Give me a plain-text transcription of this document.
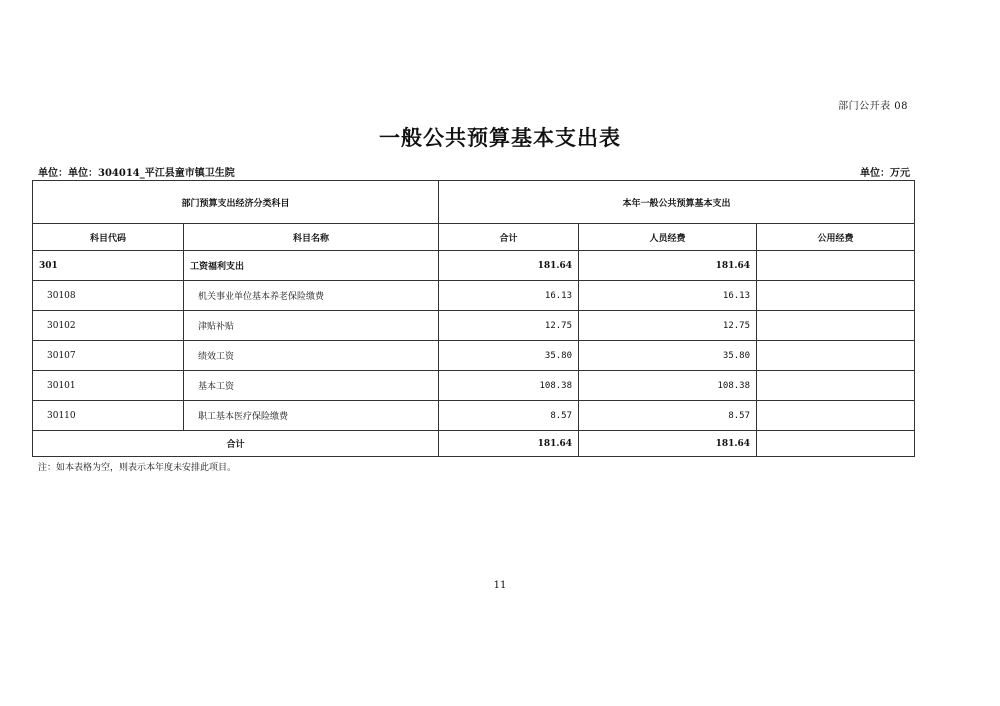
部门公开表 08
一般公共预算基本支出表
单位：单位：304014_平江县童市镇卫生院	单位：万元
部门预算支出经济分类科目		本年一般公共预算基本支出		
科目代码	科目名称	合计	人员经费	公用经费
301	工资福利支出	181.64	181.64	
30108	机关事业单位基本养老保险缴费	16.13	16.13	
30102	津贴补贴	12.75	12.75	
30107	绩效工资	35.80	35.80	
30101	基本工资	108.38	108.38	
30110	职工基本医疗保险缴费	8.57	8.57	
合计		181.64	181.64	
注：如本表格为空，则表示本年度未安排此项目。
11
